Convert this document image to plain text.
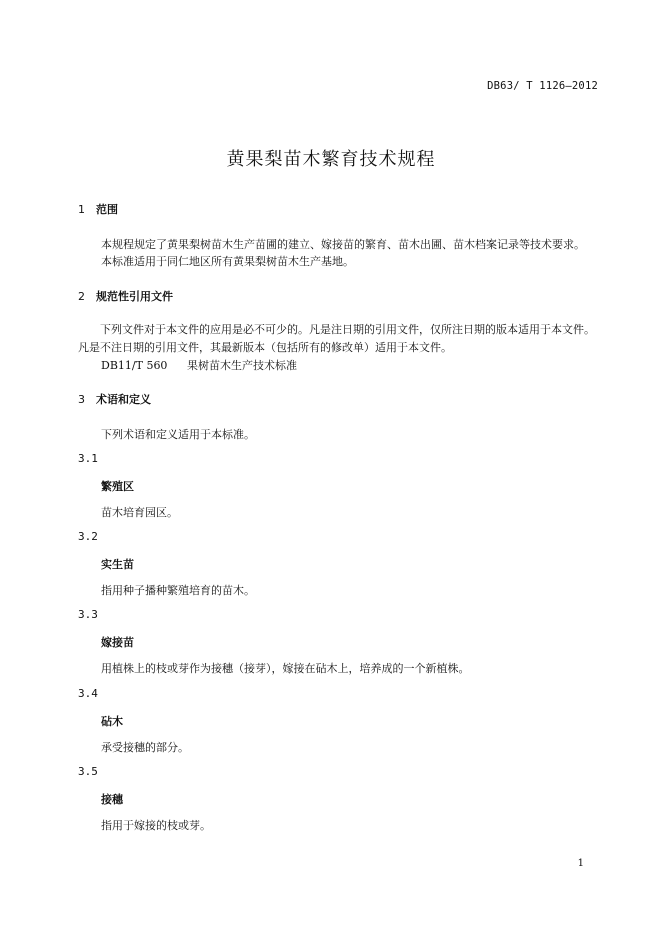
DB63/ T 1126—2012
黄果梨苗木繁育技术规程
1 范围
本规程规定了黄果梨树苗木生产苗圃的建立、嫁接苗的繁育、苗木出圃、苗木档案记录等技术要求。
本标准适用于同仁地区所有黄果梨树苗木生产基地。
2 规范性引用文件
下列文件对于本文件的应用是必不可少的。凡是注日期的引用文件，仅所注日期的版本适用于本文件。凡是不注日期的引用文件，其最新版本（包括所有的修改单）适用于本文件。
DB11/T 560 果树苗木生产技术标准
3 术语和定义
下列术语和定义适用于本标准。
3.1
繁殖区
苗木培育园区。
3.2
实生苗
指用种子播种繁殖培育的苗木。
3.3
嫁接苗
用植株上的枝或芽作为接穗（接芽），嫁接在砧木上，培养成的一个新植株。
3.4
砧木
承受接穗的部分。
3.5
接穗
指用于嫁接的枝或芽。
1
